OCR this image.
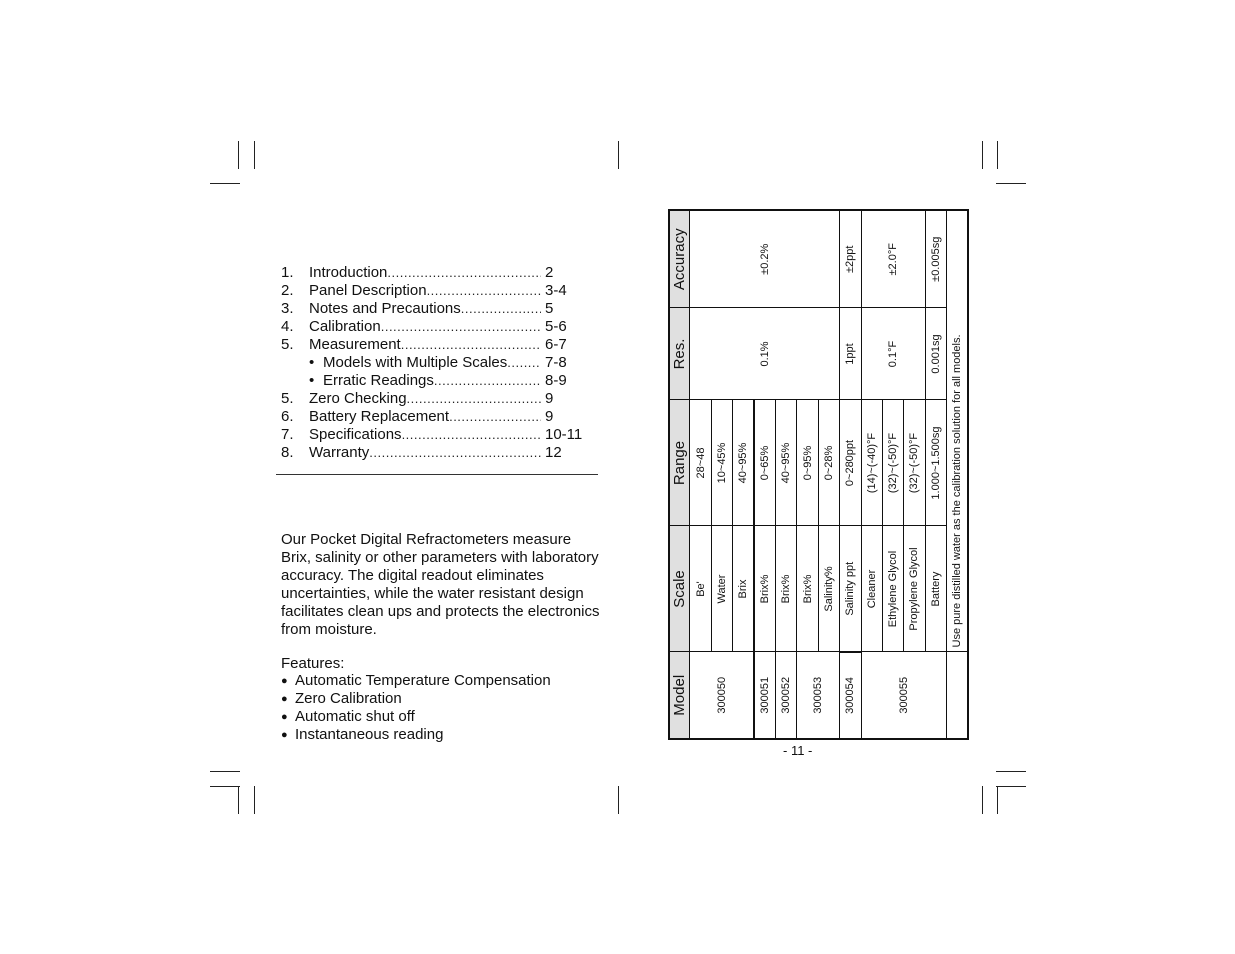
1.	Introduction .....	2
2.	Panel Description .....	3-4
3.	Notes and Precautions .....	5
4.	Calibration .....	5-6
5.	Measurement .....	6-7
• Models with Multiple Scales .....	7-8
• Erratic Readings .....	8-9
5.	Zero Checking .....	9
6.	Battery Replacement .....	9
7.	Specifications .....	10-11
8.	Warranty .....	12
Our Pocket Digital Refractometers measure Brix, salinity or other parameters with laboratory accuracy. The digital readout eliminates uncertainties, while the water resistant design facilitates clean ups and protects the electronics from moisture.
Features:
● Automatic Temperature Compensation
● Zero Calibration
● Automatic shut off
● Instantaneous reading
Model	Scale	Range	Res.	Accuracy
300050	Be'	28~48	0.1%	±0.2%
	Water	10~45%		
	Brix	40~95%		
300051	Brix%	0~65%		
300052	Brix%	40~95%		
300053	Brix%	0~95%		
	Salinity%	0~28%		
300054	Salinity ppt	0~280ppt	1ppt	±2ppt
300055	Cleaner	(14)~(-40)°F	0.1°F	±2.0°F
	Ethylene Glycol	(32)~(-50)°F		
	Propylene Glycol	(32)~(-50)°F		
	Battery	1.000~1.500sg	0.001sg	±0.005sg
	Use pure distilled water as the calibration solution for all models.			
- 11 -
